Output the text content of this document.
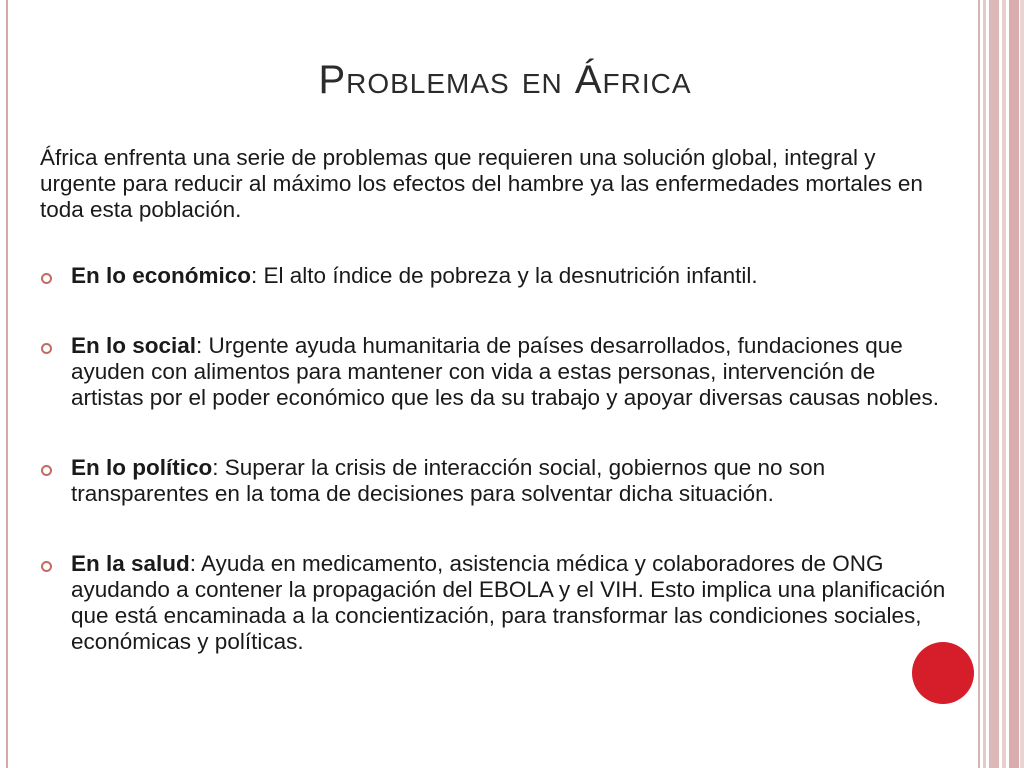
Problemas en África
África enfrenta una serie de problemas que requieren una solución global, integral y urgente para reducir al máximo los efectos del hambre ya las enfermedades mortales en toda esta población.
En lo económico: El alto índice de pobreza y la desnutrición infantil.
En lo social: Urgente ayuda humanitaria de países desarrollados, fundaciones que ayuden con alimentos para mantener con vida a estas personas, intervención de artistas por el poder económico que les da su trabajo y apoyar diversas causas nobles.
En lo político: Superar la crisis de interacción social, gobiernos que no son transparentes en la toma de decisiones para solventar dicha situación.
En la salud: Ayuda en medicamento, asistencia médica y colaboradores de ONG ayudando a contener la propagación del EBOLA y el VIH. Esto implica una planificación que está encaminada a la concientización, para transformar las condiciones sociales, económicas y políticas.
